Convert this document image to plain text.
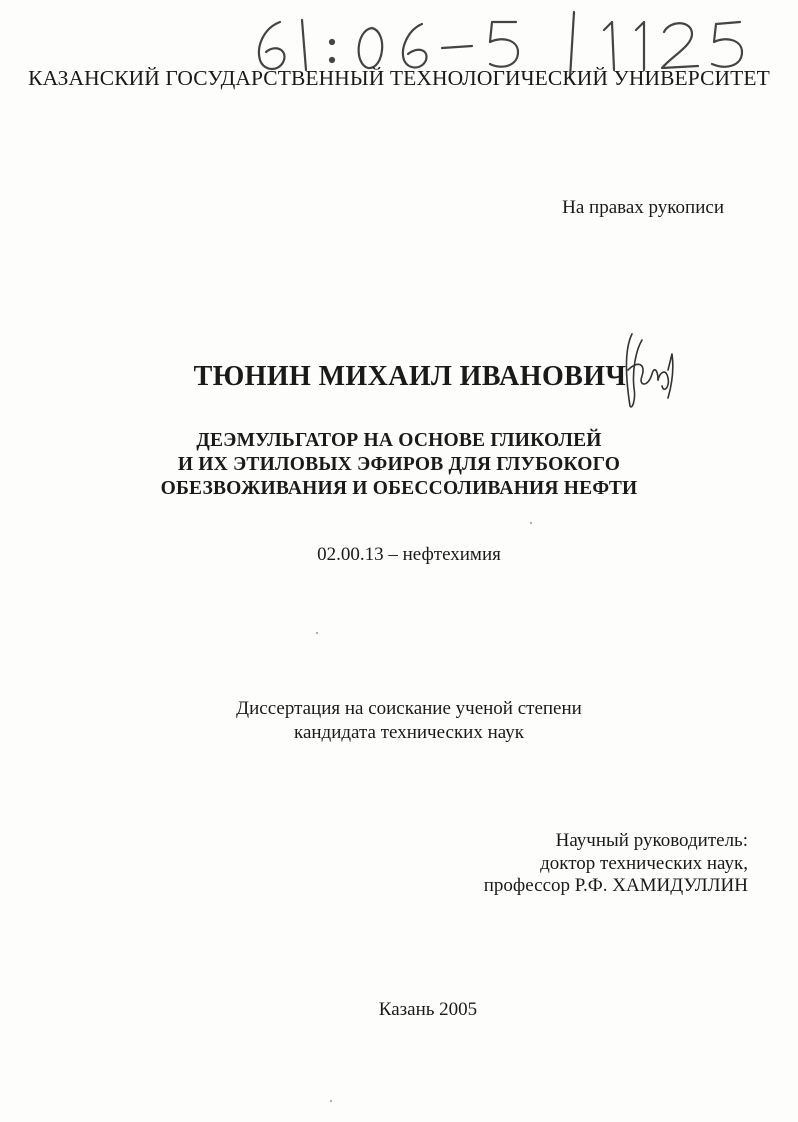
КАЗАНСКИЙ ГОСУДАРСТВЕННЫЙ ТЕХНОЛОГИЧЕСКИЙ УНИВЕРСИТЕТ
На правах рукописи
ТЮНИН МИХАИЛ ИВАНОВИЧ
ДЕЭМУЛЬГАТОР НА ОСНОВЕ ГЛИКОЛЕЙ
И ИХ ЭТИЛОВЫХ ЭФИРОВ ДЛЯ ГЛУБОКОГО
ОБЕЗВОЖИВАНИЯ И ОБЕССОЛИВАНИЯ НЕФТИ
02.00.13 – нефтехимия
Диссертация на соискание ученой степени
кандидата технических наук
Научный руководитель:
доктор технических наук,
профессор Р.Ф. ХАМИДУЛЛИН
Казань 2005
